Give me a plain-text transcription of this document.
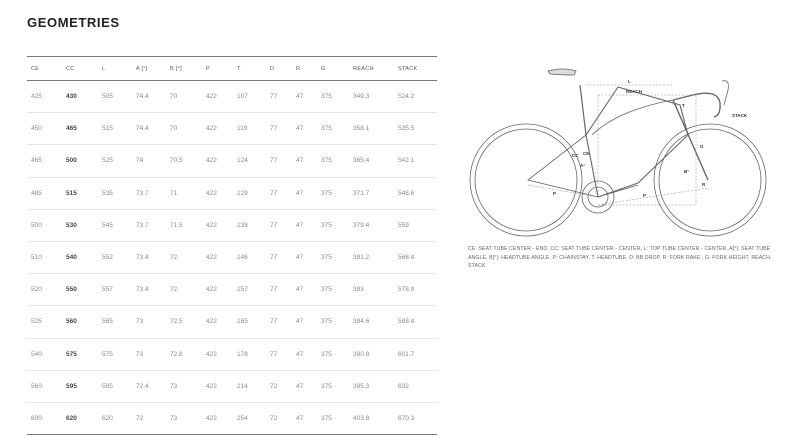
GEOMETRIES
CE	CC	L	A [°]	B [°]	P	T	D	R	G	REACH	STACK
425	430	505	74.4	70	422	107	77	47	375	349.3	524.2
450	465	515	74.4	70	422	119	77	47	375	358.1	535.5
465	500	525	74	70.5	422	124	77	47	375	365.4	542.1
485	515	535	73.7	71	422	129	77	47	375	371.7	548.6
500	530	545	73.7	71.5	422	138	77	47	375	379.4	559
510	540	552	73.4	72	422	146	77	47	375	381.2	568.4
520	550	557	73.4	72	422	157	77	47	375	383	578.9
525	560	565	73	72.5	422	165	77	47	375	384.6	588.4
540	575	575	73	72.8	422	178	77	47	375	390.8	601.7
560	595	595	72.4	73	422	214	72	47	375	395.3	632
600	620	620	72	73	422	254	72	47	375	403.8	670.3
L
REACH
STACK
T
G
CC CE
A°
B°
P	P
R
CE: SEAT TUBE CENTER - END, CC: SEAT TUBE CENTER - CENTER, L: TOP TUBE CENTER - CENTER, A[°]: SEAT TUBE ANGLE, B[°]: HEADTUBE ANGLE, P: CHAINSTAY, T: HEADTUBE, D: BB DROP, R: FORK RAKE , G: FORK HEIGHT, REACH, STACK
